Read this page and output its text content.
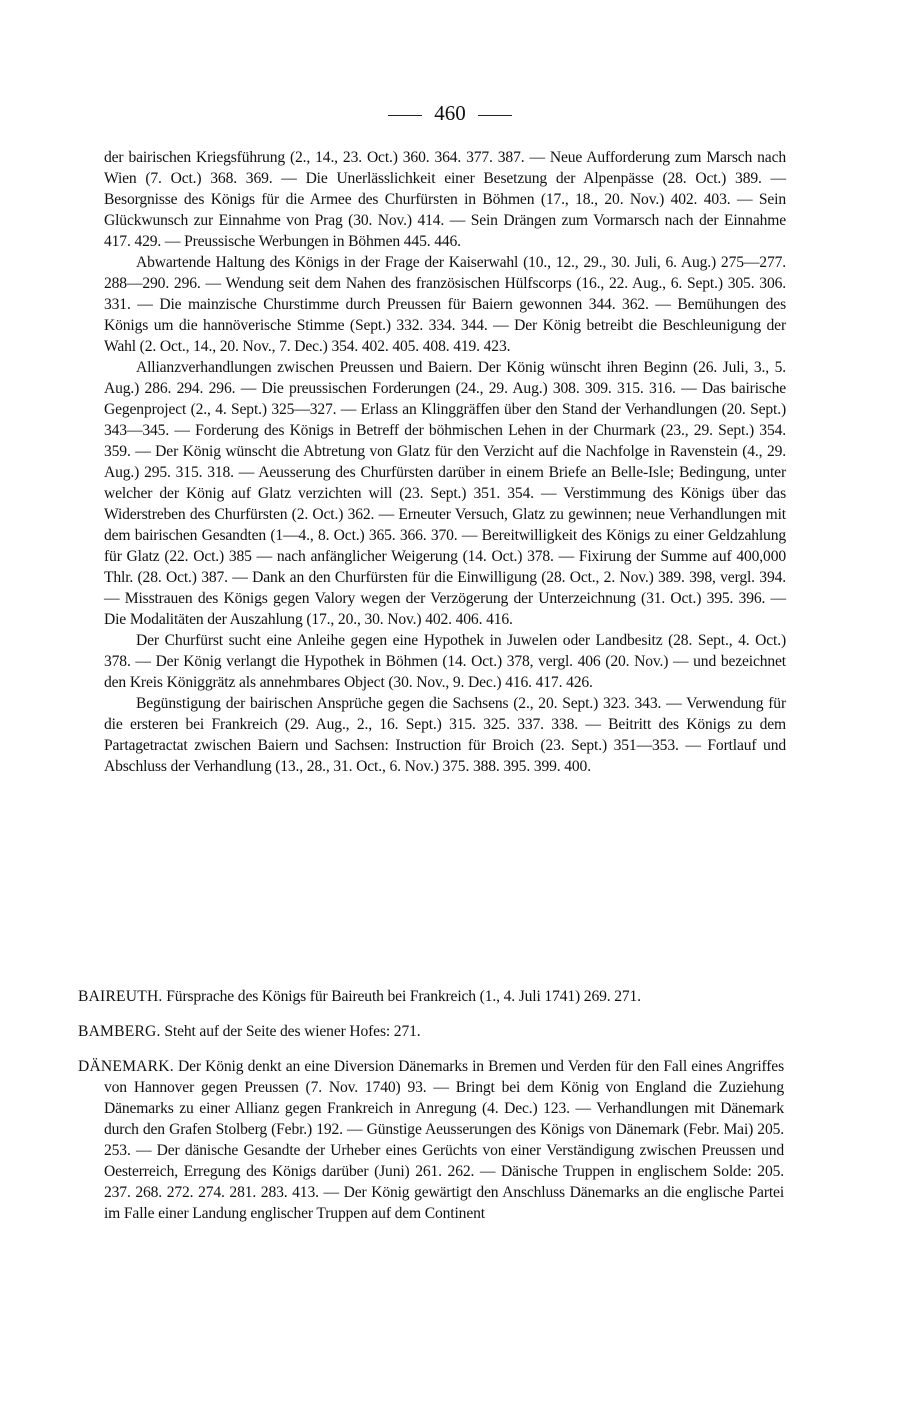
460

der bairischen Kriegsführung (2., 14., 23. Oct.) 360. 364. 377. 387. — Neue Aufforderung zum Marsch nach Wien (7. Oct.) 368. 369. — Die Unerlässlichkeit einer Besetzung der Alpenpässe (28. Oct.) 389. — Besorgnisse des Königs für die Armee des Churfürsten in Böhmen (17., 18., 20. Nov.) 402. 403. — Sein Glückwunsch zur Einnahme von Prag (30. Nov.) 414. — Sein Drängen zum Vormarsch nach der Einnahme 417. 429. — Preussische Werbungen in Böhmen 445. 446.

Abwartende Haltung des Königs in der Frage der Kaiserwahl (10., 12., 29., 30. Juli, 6. Aug.) 275—277. 288—290. 296. — Wendung seit dem Nahen des französischen Hülfscorps (16., 22. Aug., 6. Sept.) 305. 306. 331. — Die mainzische Churstimme durch Preussen für Baiern gewonnen 344. 362. — Bemühungen des Königs um die hannöverische Stimme (Sept.) 332. 334. 344. — Der König betreibt die Beschleunigung der Wahl (2. Oct., 14., 20. Nov., 7. Dec.) 354. 402. 405. 408. 419. 423.

Allianzverhandlungen zwischen Preussen und Baiern. Der König wünscht ihren Beginn (26. Juli, 3., 5. Aug.) 286. 294. 296. — Die preussischen Forderungen (24., 29. Aug.) 308. 309. 315. 316. — Das bairische Gegenproject (2., 4. Sept.) 325—327. — Erlass an Klinggräffen über den Stand der Verhandlungen (20. Sept.) 343—345. — Forderung des Königs in Betreff der böhmischen Lehen in der Churmark (23., 29. Sept.) 354. 359. — Der König wünscht die Abtretung von Glatz für den Verzicht auf die Nachfolge in Ravenstein (4., 29. Aug.) 295. 315. 318. — Aeusserung des Churfürsten darüber in einem Briefe an Belle-Isle; Bedingung, unter welcher der König auf Glatz verzichten will (23. Sept.) 351. 354. — Verstimmung des Königs über das Widerstreben des Churfürsten (2. Oct.) 362. — Erneuter Versuch, Glatz zu gewinnen; neue Verhandlungen mit dem bairischen Gesandten (1—4., 8. Oct.) 365. 366. 370. — Bereitwilligkeit des Königs zu einer Geldzahlung für Glatz (22. Oct.) 385 — nach anfänglicher Weigerung (14. Oct.) 378. — Fixirung der Summe auf 400,000 Thlr. (28. Oct.) 387. — Dank an den Churfürsten für die Einwilligung (28. Oct., 2. Nov.) 389. 398, vergl. 394. — Misstrauen des Königs gegen Valory wegen der Verzögerung der Unterzeichnung (31. Oct.) 395. 396. — Die Modalitäten der Auszahlung (17., 20., 30. Nov.) 402. 406. 416.

Der Churfürst sucht eine Anleihe gegen eine Hypothek in Juwelen oder Landbesitz (28. Sept., 4. Oct.) 378. — Der König verlangt die Hypothek in Böhmen (14. Oct.) 378, vergl. 406 (20. Nov.) — und bezeichnet den Kreis Königgrätz als annehmbares Object (30. Nov., 9. Dec.) 416. 417. 426.

Begünstigung der bairischen Ansprüche gegen die Sachsens (2., 20. Sept.) 323. 343. — Verwendung für die ersteren bei Frankreich (29. Aug., 2., 16. Sept.) 315. 325. 337. 338. — Beitritt des Königs zu dem Partagetractat zwischen Baiern und Sachsen: Instruction für Broich (23. Sept.) 351—353. — Fortlauf und Abschluss der Verhandlung (13., 28., 31. Oct., 6. Nov.) 375. 388. 395. 399. 400.

BAIREUTH. Fürsprache des Königs für Baireuth bei Frankreich (1., 4. Juli 1741) 269. 271.

BAMBERG. Steht auf der Seite des wiener Hofes: 271.

DÄNEMARK. Der König denkt an eine Diversion Dänemarks in Bremen und Verden für den Fall eines Angriffes von Hannover gegen Preussen (7. Nov. 1740) 93. — Bringt bei dem König von England die Zuziehung Dänemarks zu einer Allianz gegen Frankreich in Anregung (4. Dec.) 123. — Verhandlungen mit Dänemark durch den Grafen Stolberg (Febr.) 192. — Günstige Aeusserungen des Königs von Dänemark (Febr. Mai) 205. 253. — Der dänische Gesandte der Urheber eines Gerüchts von einer Verständigung zwischen Preussen und Oesterreich, Erregung des Königs darüber (Juni) 261. 262. — Dänische Truppen in englischem Solde: 205. 237. 268. 272. 274. 281. 283. 413. — Der König gewärtigt den Anschluss Dänemarks an die englische Partei im Falle einer Landung englischer Truppen auf dem Continent
